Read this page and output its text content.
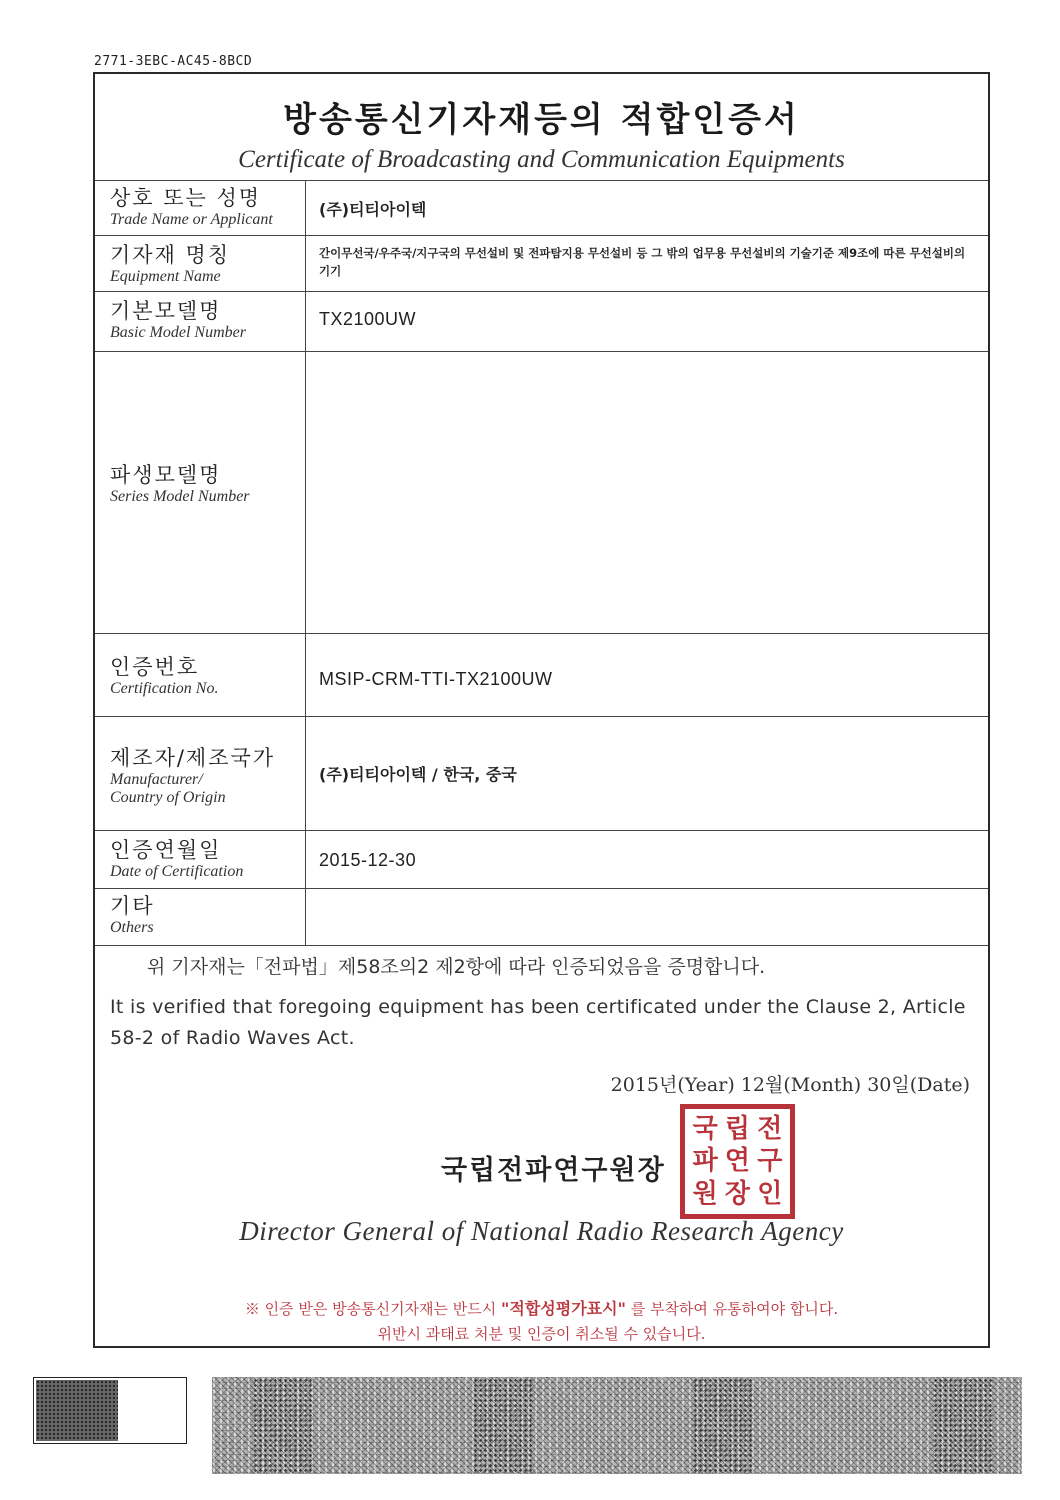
2771-3EBC-AC45-8BCD
방송통신기자재등의 적합인증서
Certificate of Broadcasting and Communication Equipments
상호 또는 성명
Trade Name or Applicant
(주)티티아이텍
기자재 명칭
Equipment Name
간이무선국/우주국/지구국의 무선설비 및 전파탐지용 무선설비 등 그 밖의 업무용 무선설비의 기술기준 제9조에 따른 무선설비의 기기
기본모델명
Basic Model Number
TX2100UW
파생모델명
Series Model Number
인증번호
Certification No.	MSIP-CRM-TTI-TX2100UW
제조자/제조국가
Manufacturer/
Country of Origin
(주)티티아이텍 / 한국, 중국
인증연월일
Date of Certification
2015-12-30
기타
Others
위 기자재는「전파법」제58조의2 제2항에 따라 인증되었음을 증명합니다.
It is verified that foregoing equipment has been certificated under the Clause 2, Article 58-2 of Radio Waves Act.
2015년(Year) 12월(Month) 30일(Date)
국립전파연구원장
국 립 전
파 연 구
원 장 인
Director General of National Radio Research Agency
※ 인증 받은 방송통신기자재는 반드시 "적합성평가표시" 를 부착하여 유통하여야 합니다.
위반시 과태료 처분 및 인증이 취소될 수 있습니다.
